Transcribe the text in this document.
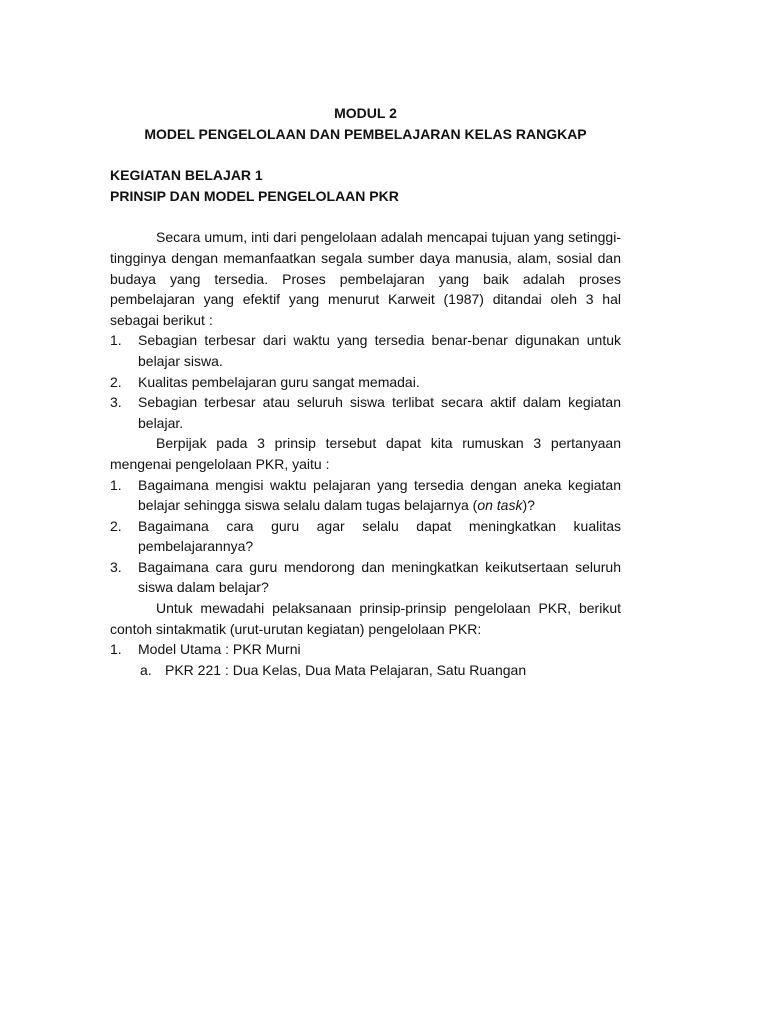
MODUL 2
MODEL PENGELOLAAN DAN PEMBELAJARAN KELAS RANGKAP
KEGIATAN BELAJAR 1
PRINSIP DAN MODEL PENGELOLAAN PKR

Secara umum, inti dari pengelolaan adalah mencapai tujuan yang setinggi-tingginya dengan memanfaatkan segala sumber daya manusia, alam, sosial dan budaya yang tersedia. Proses pembelajaran yang baik adalah proses pembelajaran yang efektif yang menurut Karweit (1987) ditandai oleh 3 hal sebagai berikut :

1. Sebagian terbesar dari waktu yang tersedia benar-benar digunakan untuk belajar siswa.
2. Kualitas pembelajaran guru sangat memadai.
3. Sebagian terbesar atau seluruh siswa terlibat secara aktif dalam kegiatan belajar.

Berpijak pada 3 prinsip tersebut dapat kita rumuskan 3 pertanyaan mengenai pengelolaan PKR, yaitu :

1. Bagaimana mengisi waktu pelajaran yang tersedia dengan aneka kegiatan belajar sehingga siswa selalu dalam tugas belajarnya (on task)?
2. Bagaimana cara guru agar selalu dapat meningkatkan kualitas pembelajarannya?
3. Bagaimana cara guru mendorong dan meningkatkan keikutsertaan seluruh siswa dalam belajar?

Untuk mewadahi pelaksanaan prinsip-prinsip pengelolaan PKR, berikut contoh sintakmatik (urut-urutan kegiatan) pengelolaan PKR:

1. Model Utama : PKR Murni
a. PKR 221 : Dua Kelas, Dua Mata Pelajaran, Satu Ruangan
